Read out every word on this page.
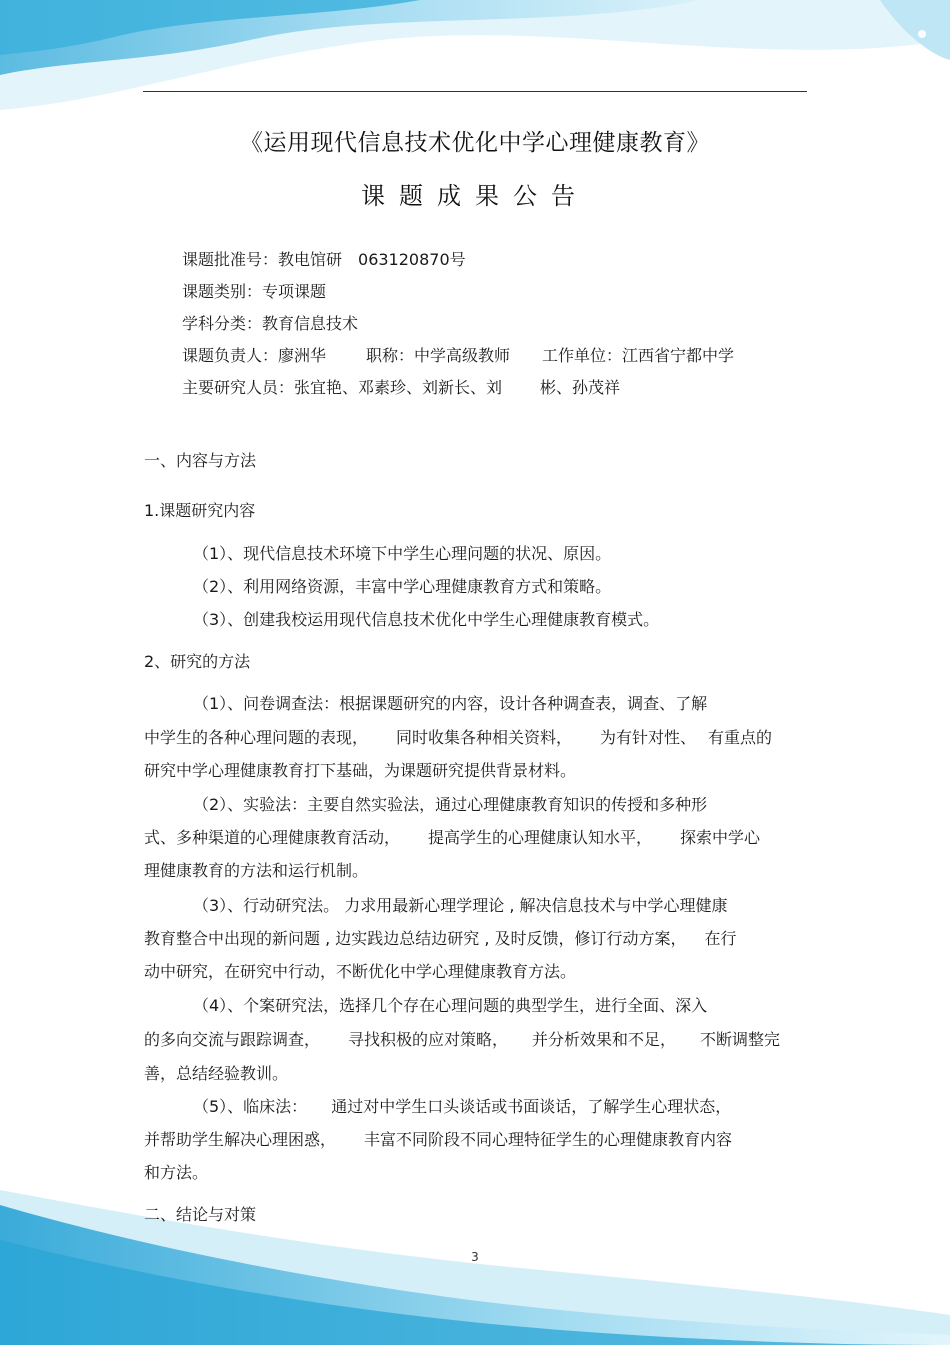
《运用现代信息技术优化中学心理健康教育》
课题成果公告
课题批准号：教电馆研 063120870号
课题类别：专项课题
学科分类：教育信息技术
课题负责人：廖洲华	职称：中学高级教师 工作单位：江西省宁都中学
主要研究人员：张宜艳、邓素珍、刘新长、刘 彬、孙茂祥
一、内容与方法
1.课题研究内容
（1）、现代信息技术环境下中学生心理问题的状况、原因。
（2）、利用网络资源，丰富中学心理健康教育方式和策略。
（3）、创建我校运用现代信息技术优化中学生心理健康教育模式。
2、研究的方法
（1）、问卷调查法：根据课题研究的内容，设计各种调查表，调查、了解
中学生的各种心理问题的表现， 同时收集各种相关资料， 为有针对性、 有重点的
研究中学心理健康教育打下基础，为课题研究提供背景材料。
（2）、实验法：主要自然实验法，通过心理健康教育知识的传授和多种形
式、多种渠道的心理健康教育活动， 提高学生的心理健康认知水平， 探索中学心
理健康教育的方法和运行机制。
（3）、行动研究法。 力求用最新心理学理论 , 解决信息技术与中学心理健康
教育整合中出现的新问题 , 边实践边总结边研究 , 及时反馈，修订行动方案， 在行
动中研究，在研究中行动，不断优化中学心理健康教育方法。
（4）、个案研究法，选择几个存在心理问题的典型学生，进行全面、深入
的多向交流与跟踪调查， 寻找积极的应对策略， 并分析效果和不足， 不断调整完
善，总结经验教训。
（5）、临床法： 通过对中学生口头谈话或书面谈话，了解学生心理状态，
并帮助学生解决心理困惑， 丰富不同阶段不同心理特征学生的心理健康教育内容
和方法。
二、结论与对策
3
